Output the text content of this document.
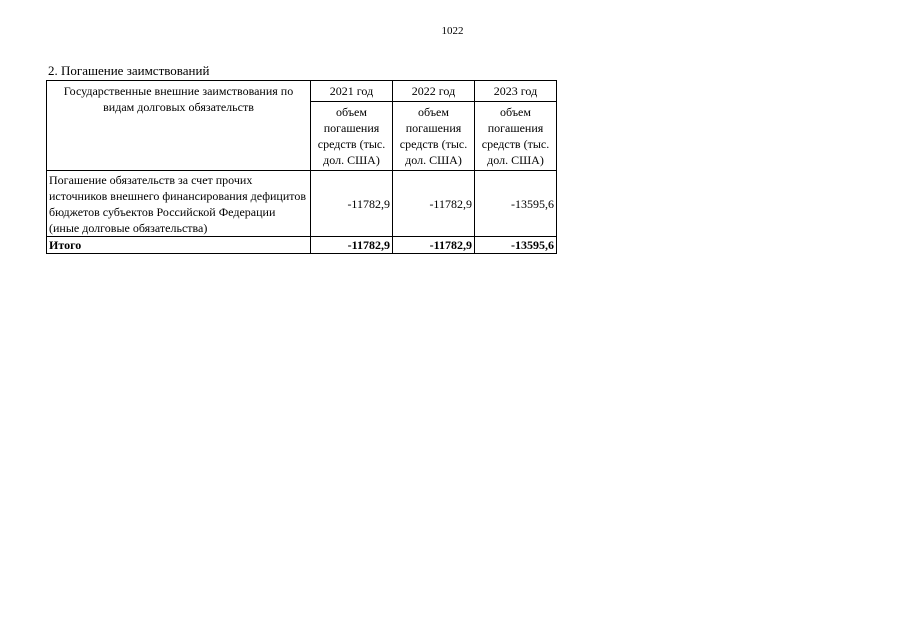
1022
2. Погашение заимствований
Государственные внешние заимствования по видам долговых обязательств	2021 год	2022 год	2023 год
	объем погашения средств (тыс. дол. США)	объем погашения средств (тыс. дол. США)	объем погашения средств (тыс. дол. США)
Погашение обязательств за счет прочих источников внешнего финансирования дефицитов бюджетов субъектов Российской Федерации (иные долговые обязательства)	-11782,9	-11782,9	-13595,6
Итого	-11782,9	-11782,9	-13595,6
